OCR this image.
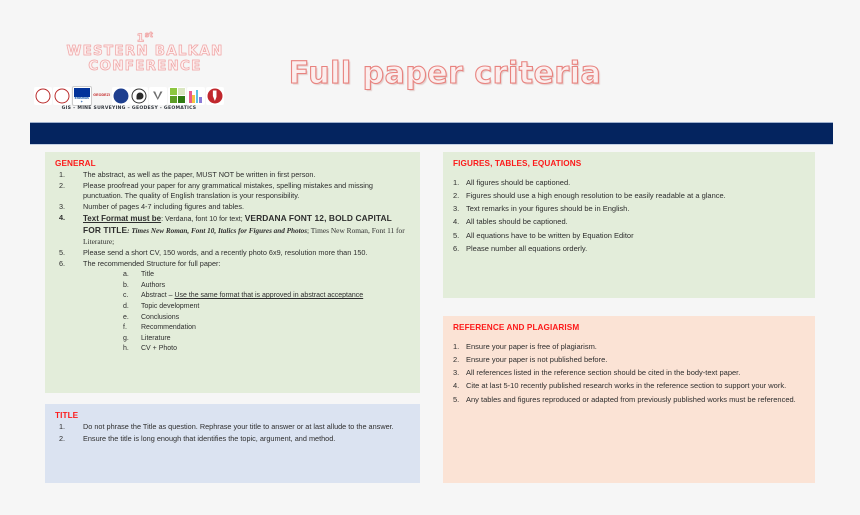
1st
WESTERN BALKAN
CONFERENCE
Erasmus +
GEODEZI
GIS – MINE SURVEYING – GEODESY - GEOMATICS
Full paper criteria
GENERAL
1.	The abstract, as well as the paper, MUST NOT be written in first person.
2.	Please proofread your paper for any grammatical mistakes, spelling mistakes and missing punctuation. The quality of English translation is your responsibility.
3.	Number of pages 4-7 including figures and tables.
4.	Text Format must be: Verdana, font 10 for text; VERDANA FONT 12, BOLD CAPITAL FOR TITLE: Times New Roman, Font 10, Italics for Figures and Photos; Times New Roman, Font 11 for Literature;
5.	Please send a short CV, 150 words, and a recently photo 6x9, resolution more than 150.
6.	The recommended Structure for full paper:
a.	Title
b.	Authors
c.	Abstract – Use the same format that is approved in abstract acceptance
d.	Topic development
e.	Conclusions
f.	Recommendation
g.	Literature
h.	CV + Photo
TITLE
1.	Do not phrase the Title as question. Rephrase your title to answer or at last allude to the answer.
2.	Ensure the title is long enough that identifies the topic, argument, and method.
FIGURES, TABLES, EQUATIONS
1. All figures should be captioned.
2. Figures should use a high enough resolution to be easily readable at a glance.
3. Text remarks in your figures should be in English.
4. All tables should be captioned.
5. All equations have to be written by Equation Editor
6. Please number all equations orderly.
REFERENCE AND PLAGIARISM
1. Ensure your paper is free of plagiarism.
2. Ensure your paper is not published before.
3. All references listed in the reference section should be cited in the body-text paper.
4. Cite at last 5-10 recently published research works in the reference section to support your work.
5. Any tables and figures reproduced or adapted from previously published works must be referenced.
